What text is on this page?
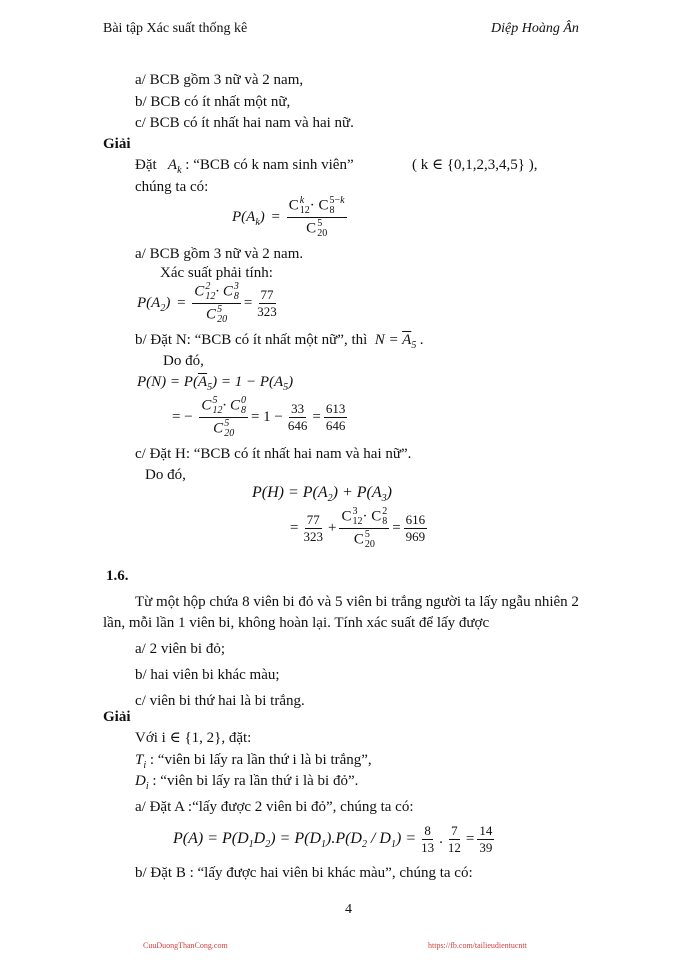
Bài tập Xác suất thống kê	Diệp Hoàng Ân
a/ BCB gồm 3 nữ và 2 nam,
b/ BCB có ít nhất một nữ,
c/ BCB có ít nhất hai nam và hai nữ.
Giải
Đặt $A_k$ : “BCB có k nam sinh viên”	( k ∈ {0,1,2,3,4,5} ),
chúng ta có:
$P(A_k) = C$ k
12 · C 5−k
8
C 5
20
a/ BCB gồm 3 nữ và 2 nam.
Xác suất phải tính:
$P(A_2) = C$ 2
12 · C 3
8
C 5
$20 = \frac{77}{323}$
b/ Đặt N: “BCB có ít nhất một nữ”, thì $N = \overline{A}_5$ .
Do đó,
$P(N) = P(\overline{A}_5) = 1 - P(A_5)$
= − C 5
12 · C 0
8
C 5
$20 = 1 - \frac{33}{646} = \frac{613}{646}$
c/ Đặt H: “BCB có ít nhất hai nam và hai nữ”.
Do đó,
$P(H) = P(A_2) + P(A_3)$
= $\frac{77}{323} + C$ 3
12 · C 2
8
C 5
$20 = \frac{616}{969}$
1.6.
Từ một hộp chứa 8 viên bi đỏ và 5 viên bi trắng người ta lấy ngẫu nhiên 2
lần, mỗi lần 1 viên bi, không hoàn lại. Tính xác suất để lấy được
a/ 2 viên bi đỏ;
b/ hai viên bi khác màu;
c/ viên bi thứ hai là bi trắng.
Giải
Với i ∈ {1, 2}, đặt:
$T_i$ : “viên bi lấy ra lần thứ i là bi trắng”,
$D_i$ : “viên bi lấy ra lần thứ i là bi đỏ”.
a/ Đặt A :“lấy được 2 viên bi đỏ”, chúng ta có:
$P(A) = P(D_1D_2) = P(D_1).P(D_2 / D_1) = \frac{8}{13}$ . $\frac{7}{12} = \frac{14}{39}$
b/ Đặt B : “lấy được hai viên bi khác màu”, chúng ta có:
4
CuuDuongThanCong.com	https://fb.com/tailieudientucntt
